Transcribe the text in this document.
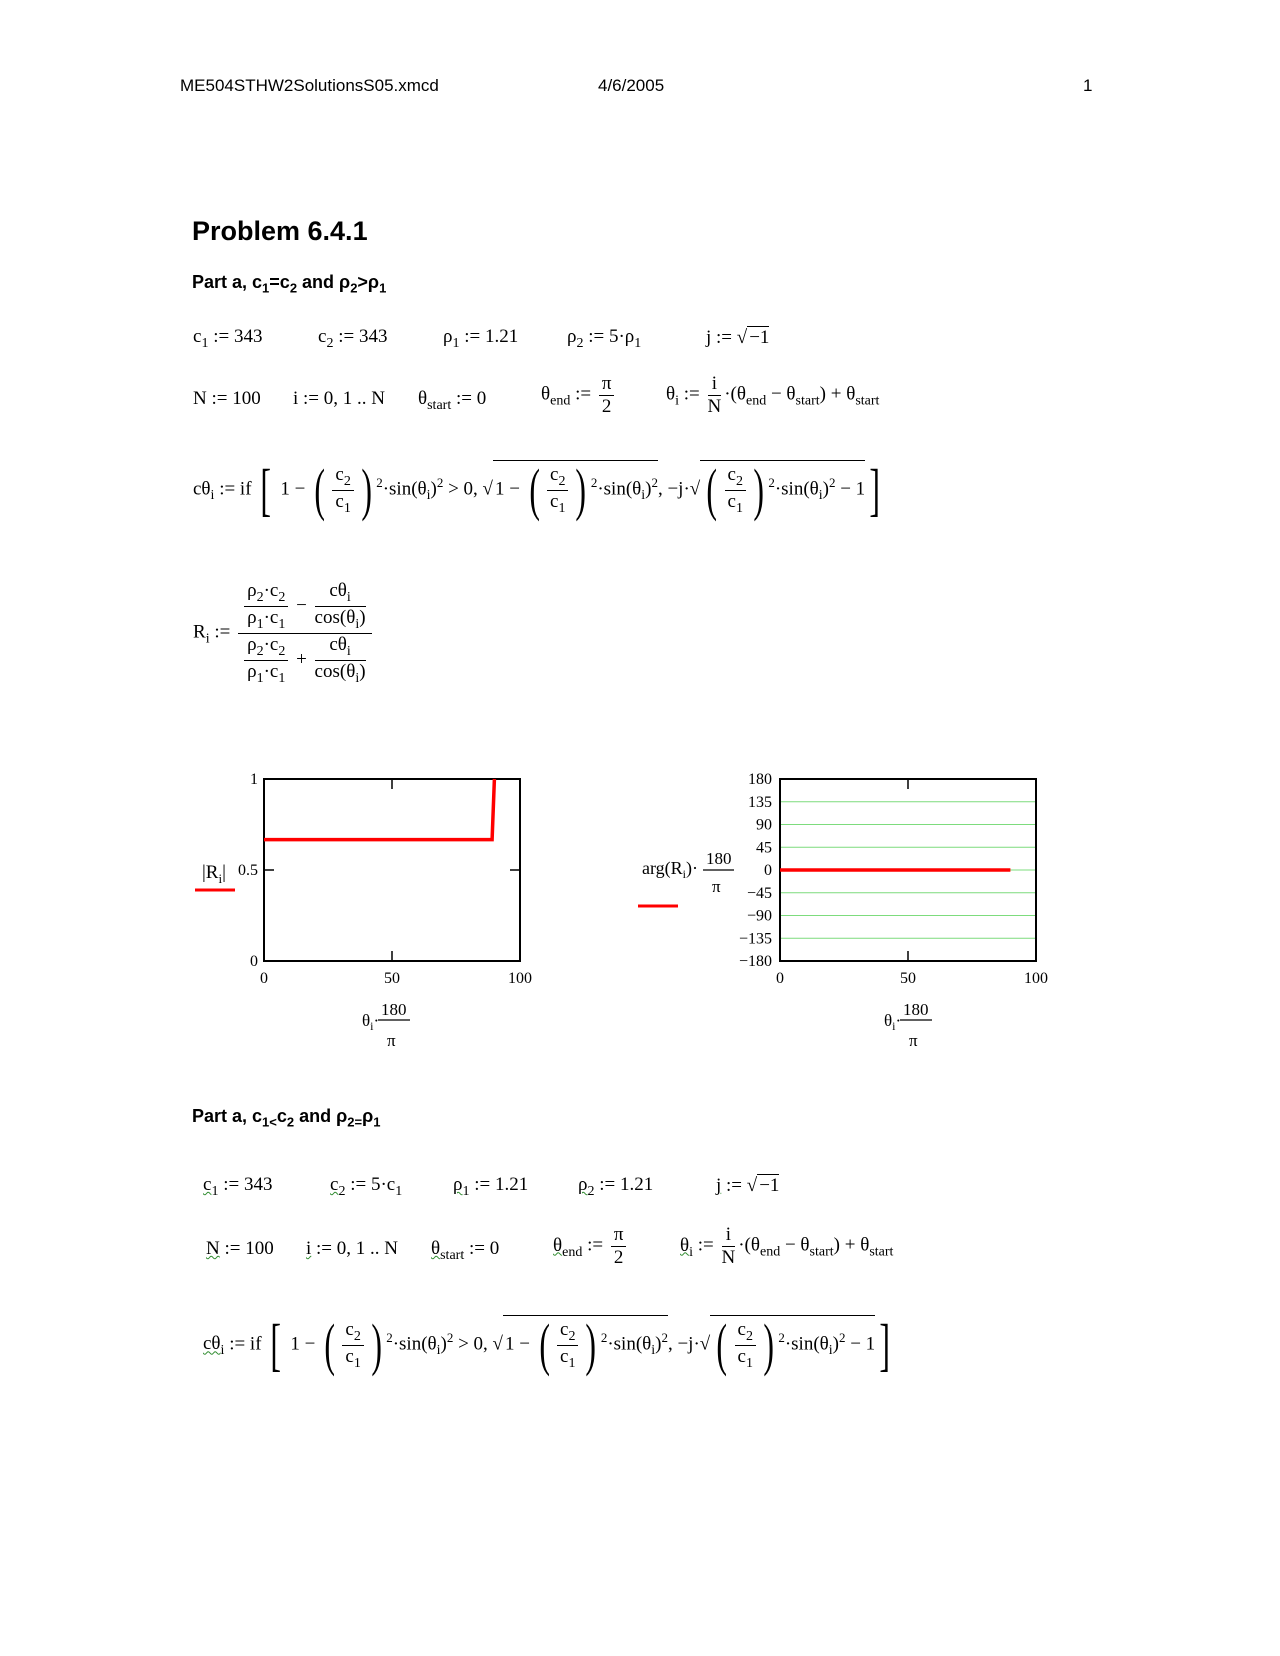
ME504STHW2SolutionsS05.xmcd	4/6/2005	1
Problem 6.4.1
Part a, $c_1=c_2$ and $\rho_2>\rho_1$
$c_1$ := 343	$c_2$ := 343	$\rho_1$ := 1.21	$\rho_2$ := $5\cdot\rho_1$	j := √ −1
N := 100 i := 0, 1 .. N $\theta_{start}$ := 0	$\theta_{end}$ := $\frac{\pi}{2}$	$\theta_i$ := $\frac{i}{N} \cdot(\theta_{end} - \theta_{start}) + \theta_{start}$
$c\theta_i$ := if [ 1 − ( $\frac{c_2}{c_1}$ ) $^2\cdot\sin(\theta_i)^2 > 0$, √ 1 − ( $\frac{c_2}{c_1}$ ) $^2\cdot\sin(\theta_i)^2$, −j·√ ( $\frac{c_2}{c_1}$ ) $^2\cdot\sin(\theta_i)^2 - 1$]
$R_i$ := $\frac{\frac{\rho_2\cdot c_2}{\rho_1\cdot c_1} - \frac{c\theta_i}{\cos(\theta_i)}}{\frac{\rho_2\cdot c_2}{\rho_1\cdot c_1} + \frac{c\theta_i}{\cos(\theta_i)}}$
1
0.5
0
0	50	100
$|R_i|$
$\theta_i\cdot$
180
π
180
135
90
45
0
−45
−90
−135
−180
0	50	100
$arg(R_i)\cdot 180$
π
$\theta_i\cdot$
180
π
Part a, $c_{1<}c_2$ and $\rho_{2=}\rho_1$
$c_1$ := 343	$c_2$ := $5\cdot c_1$	$\rho_1$ := 1.21	$\rho_2$ := 1.21	j := √ −1
N := 100 i := 0, 1 .. N $\theta_{start}$ := 0	$\theta_{end}$ := $\frac{\pi}{2}$	$\theta_i$ := $\frac{i}{N} \cdot(\theta_{end} - \theta_{start}) + \theta_{start}$
$c\theta_i$ := if [ 1 − ( $\frac{c_2}{c_1}$ ) $^2\cdot\sin(\theta_i)^2 > 0$, √ 1 − ( $\frac{c_2}{c_1}$ ) $^2\cdot\sin(\theta_i)^2$, −j·√ ( $\frac{c_2}{c_1}$ ) $^2\cdot\sin(\theta_i)^2 - 1$]
